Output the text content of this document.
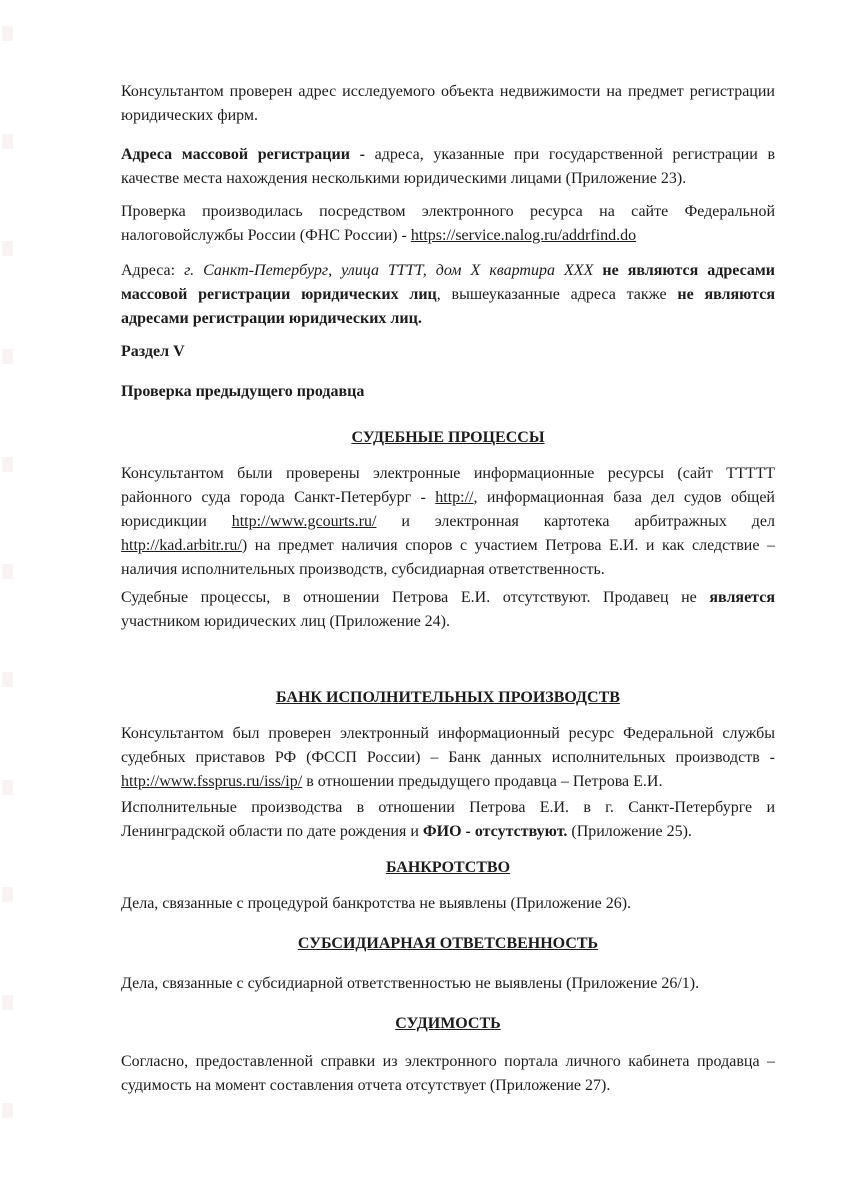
Консультантом проверен адрес исследуемого объекта недвижимости на предмет регистрации юридических фирм.

Адреса массовой регистрации - адреса, указанные при государственной регистрации в качестве места нахождения несколькими юридическими лицами (Приложение 23).

Проверка производилась посредством электронного ресурса на сайте Федеральной налоговойслужбы России (ФНС России) - https://service.nalog.ru/addrfind.do

Адреса: г. Санкт-Петербург, улица ТТТТ, дом Х квартира ХХХ не являются адресами массовой регистрации юридических лиц, вышеуказанные адреса также не являются адресами регистрации юридических лиц.

Раздел V

Проверка предыдущего продавца

СУДЕБНЫЕ ПРОЦЕССЫ

Консультантом были проверены электронные информационные ресурсы (сайт ТТТТТ районного суда города Санкт-Петербург - http://, информационная база дел судов общей юрисдикции http://www.gcourts.ru/ и электронная картотека арбитражных дел http://kad.arbitr.ru/) на предмет наличия споров с участием Петрова Е.И. и как следствие – наличия исполнительных производств, субсидиарная ответственность.

Судебные процессы, в отношении Петрова Е.И. отсутствуют. Продавец не является участником юридических лиц (Приложение 24).

БАНК ИСПОЛНИТЕЛЬНЫХ ПРОИЗВОДСТВ

Консультантом был проверен электронный информационный ресурс Федеральной службы судебных приставов РФ (ФССП России) – Банк данных исполнительных производств - http://www.fssprus.ru/iss/ip/ в отношении предыдущего продавца – Петрова Е.И.

Исполнительные производства в отношении Петрова Е.И. в г. Санкт-Петербурге и Ленинградской области по дате рождения и ФИО - отсутствуют. (Приложение 25).

БАНКРОТСТВО

Дела, связанные с процедурой банкротства не выявлены (Приложение 26).

СУБСИДИАРНАЯ ОТВЕТСВЕННОСТЬ

Дела, связанные с субсидиарной ответственностью не выявлены (Приложение 26/1).

СУДИМОСТЬ

Согласно, предоставленной справки из электронного портала личного кабинета продавца – судимость на момент составления отчета отсутствует (Приложение 27).
